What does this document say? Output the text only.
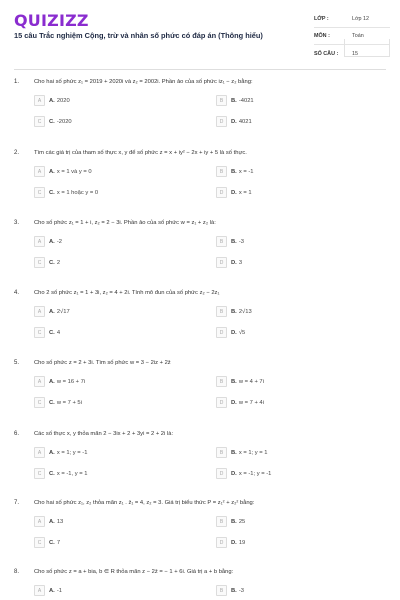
QUIZIZZ
15 câu Trắc nghiệm Cộng, trừ và nhân số phức có đáp án (Thông hiểu)
LỚP :	Lớp 12
MÔN :	Toán
SỐ CÂU :	15
1.	Cho hai số phức z₁ = 2019 + 2020i và z₂ = 2002i. Phần ảo của số phức iz₁ − z₂ bằng:
A	A. 2020	B	B. -4021
C	C. -2020	D	D. 4021
2.	Tìm các giá trị của tham số thực x, y để số phức z = x + iy² − 2x + iy + 5 là số thực.
A	A. x = 1 và y = 0	B	B. x = -1
C	C. x = 1 hoặc y = 0	D	D. x = 1
3.	Cho số phức z₁ = 1 + i, z₂ = 2 − 3i. Phần ảo của số phức w = z₁ + z₂ là:
A	A. -2	B	B. -3
C	C. 2	D	D. 3
4.	Cho 2 số phức z₁ = 1 + 3i, z₂ = 4 + 2i. Tính mô đun của số phức z₂ − 2z₁
A	A. 2√17	B	B. 2√13
C	C. 4	D	D. √5
5.	Cho số phức z = 2 + 3i. Tìm số phức w = 3 − 2iz + 2z̄
A	A. w = 16 + 7i	B	B. w = 4 + 7i
C	C. w = 7 + 5i	D	D. w = 7 + 4i
6.	Các số thực x, y thỏa mãn 2 − 3ix + 2 + 3yi = 2 + 2i là:
A	A. x = 1; y = -1	B	B. x = 1; y = 1
C	C. x = -1, y = 1	D	D. x = -1; y = -1
7.	Cho hai số phức z₁, z₂ thỏa mãn z₁ . z̄₁ = 4, z₂ = 3. Giá trị biểu thức P = z₁² + z₂² bằng:
A	A. 13	B	B. 25
C	C. 7	D	D. 19
8.	Cho số phức z = a + bia, b ∈ R thỏa mãn z − 2z̄ = − 1 + 6i. Giá trị a + b bằng:
A	A. -1	B	B. -3
